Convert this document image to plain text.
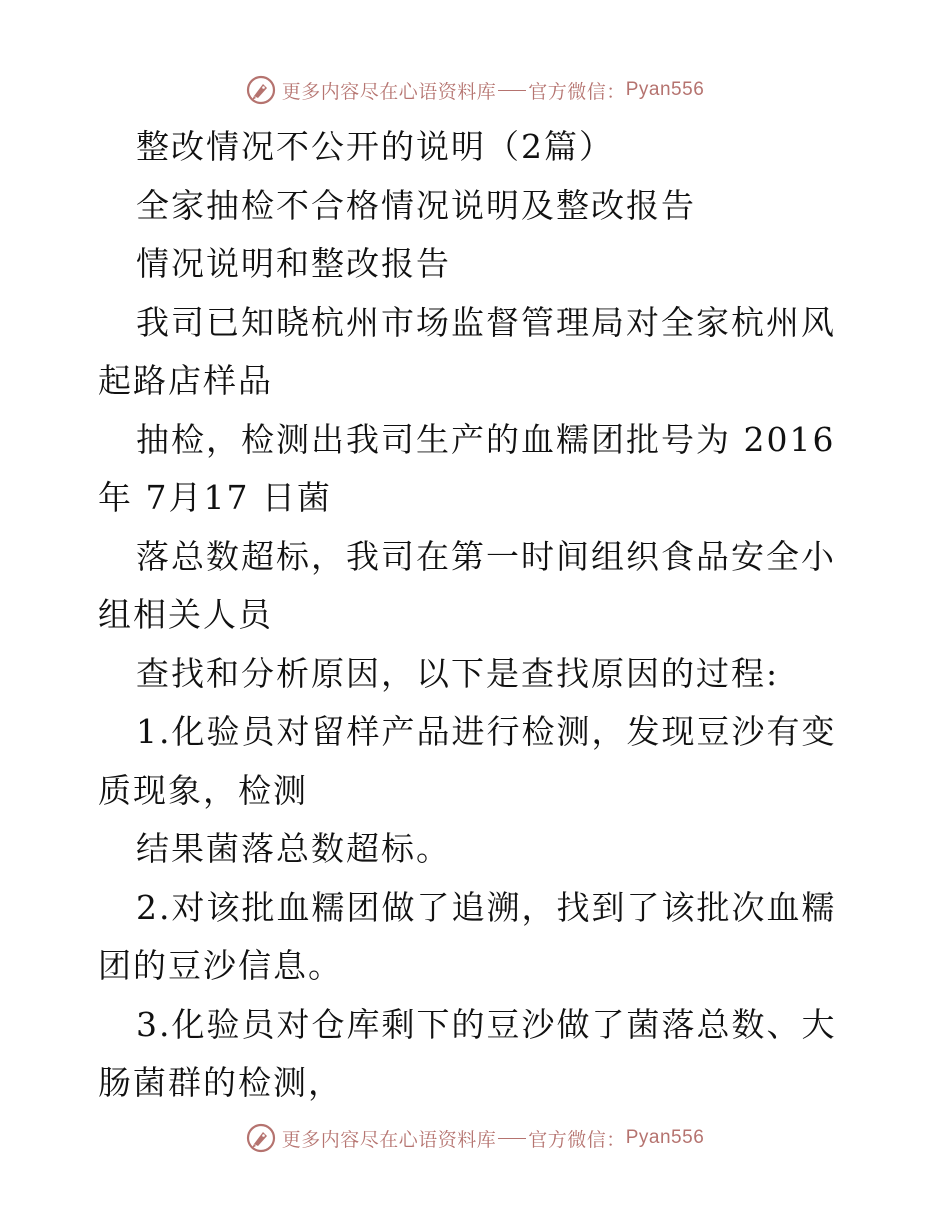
更多内容尽在心语资料库 官方微信： Pyan556

整改情况不公开的说明（2篇）

全家抽检不合格情况说明及整改报告

情况说明和整改报告

我司已知晓杭州市场监督管理局对全家杭州风起路店样品

抽检，检测出我司生产的血糯团批号为 2016 年 7月17 日菌

落总数超标，我司在第一时间组织食品安全小组相关人员

查找和分析原因，以下是查找原因的过程:

1.化验员对留样产品进行检测，发现豆沙有变质现象，检测

结果菌落总数超标。

2.对该批血糯团做了追溯，找到了该批次血糯团的豆沙信息。

3.化验员对仓库剩下的豆沙做了菌落总数、大肠菌群的检测，

更多内容尽在心语资料库 官方微信： Pyan556
